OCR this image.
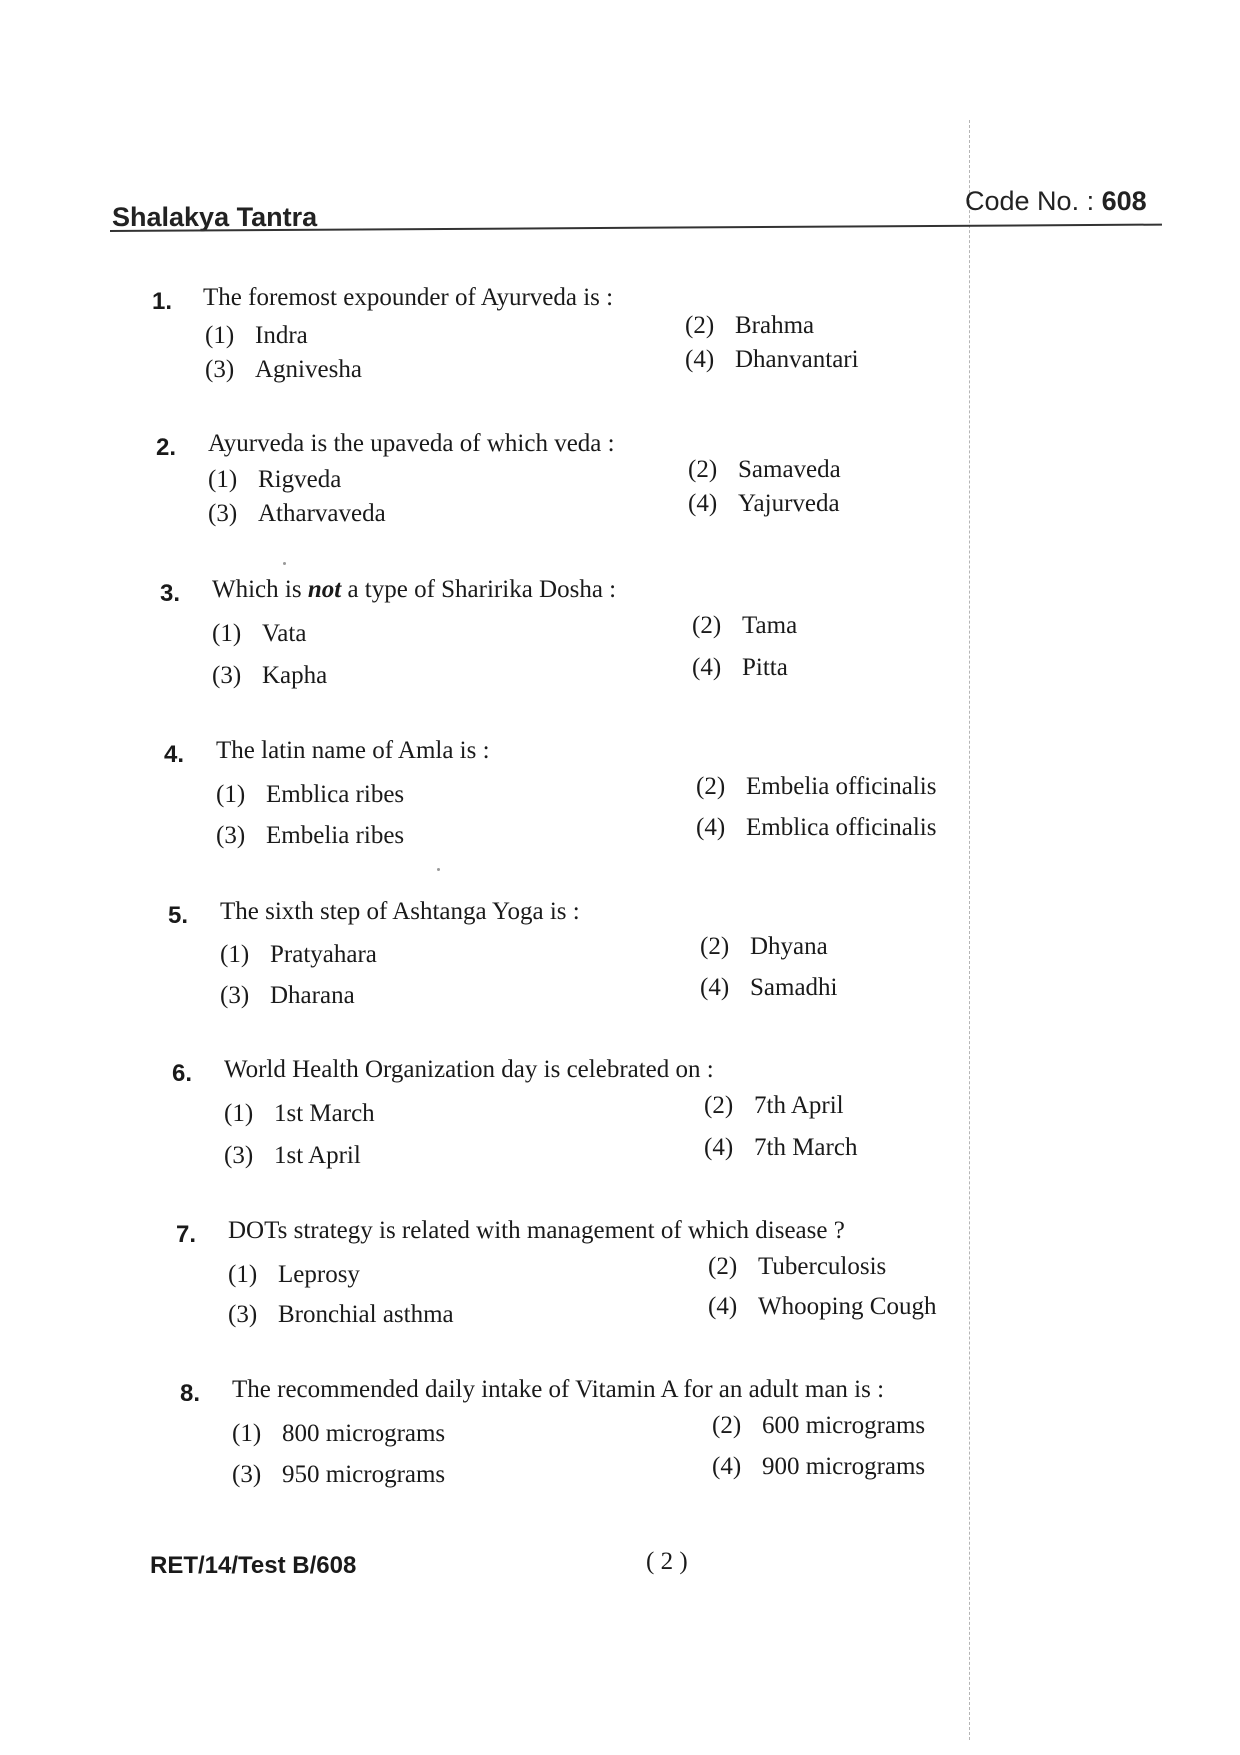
Shalakya Tantra
Code No. : 608
1. The foremost expounder of Ayurveda is :
(1) Indra	(2) Brahma
(3) Agnivesha	(4) Dhanvantari
2. Ayurveda is the upaveda of which veda :
(1) Rigveda	(2) Samaveda
(3) Atharvaveda	(4) Yajurveda
3. Which is not a type of Sharirika Dosha :
(1) Vata	(2) Tama
(3) Kapha	(4) Pitta
4. The latin name of Amla is :
(1) Emblica ribes	(2) Embelia officinalis
(3) Embelia ribes	(4) Emblica officinalis
5. The sixth step of Ashtanga Yoga is :
(1) Pratyahara	(2) Dhyana
(3) Dharana	(4) Samadhi
6. World Health Organization day is celebrated on :
(1) 1st March	(2) 7th April
(3) 1st April	(4) 7th March
7. DOTs strategy is related with management of which disease ?
(1) Leprosy	(2) Tuberculosis
(3) Bronchial asthma	(4) Whooping Cough
8. The recommended daily intake of Vitamin A for an adult man is :
(1) 800 micrograms	(2) 600 micrograms
(3) 950 micrograms	(4) 900 micrograms
RET/14/Test B/608	( 2 )
